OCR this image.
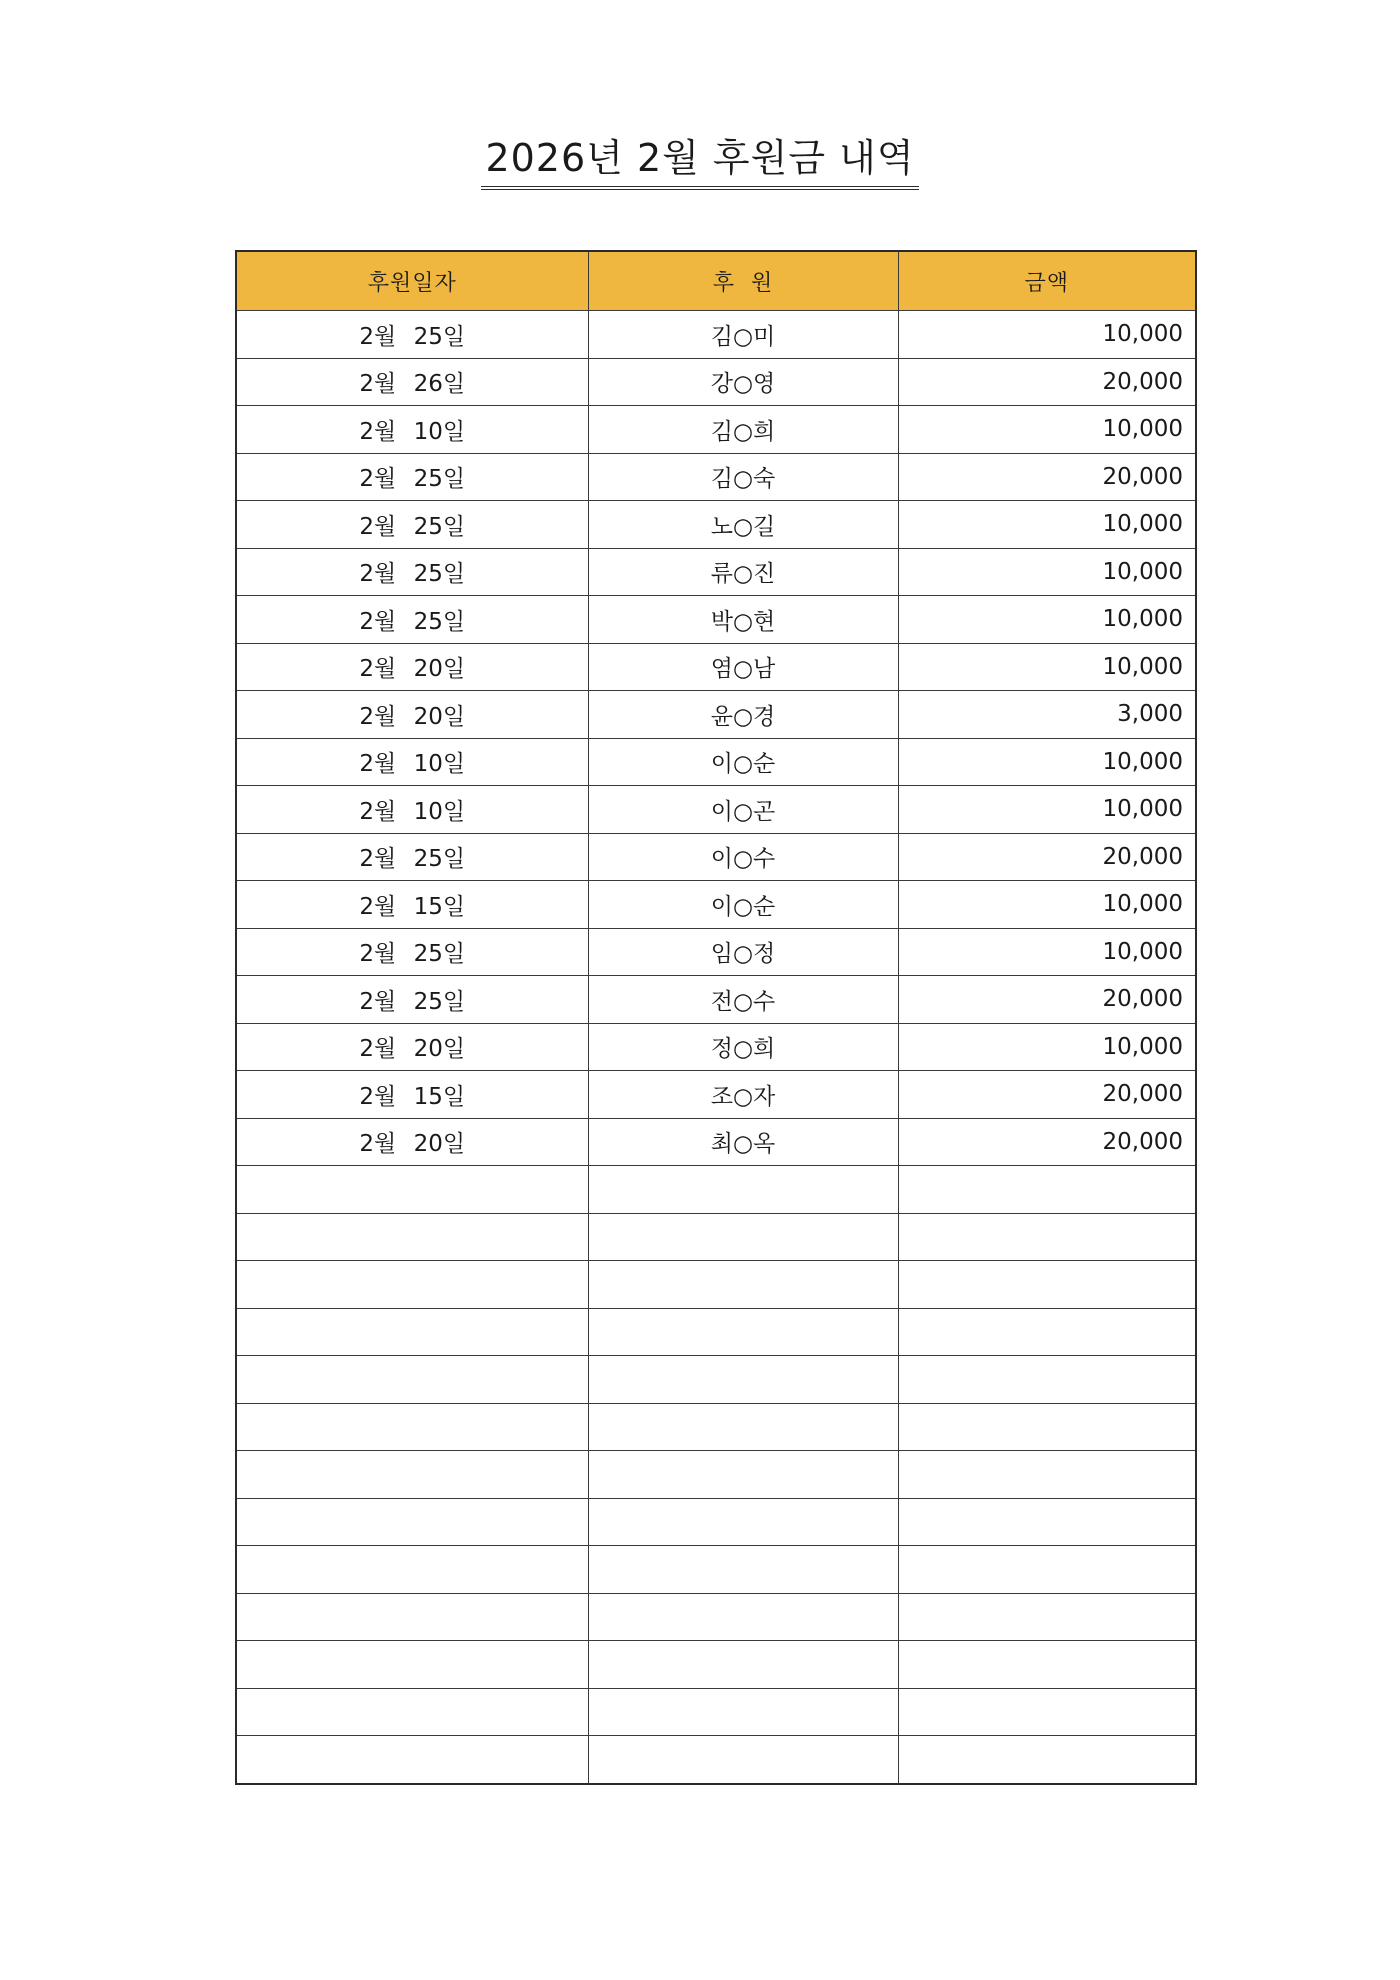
2026년 2월 후원금 내역
후원일자	후  원	금액
2월 25일	김○미	10,000
2월 26일	강○영	20,000
2월 10일	김○희	10,000
2월 25일	김○숙	20,000
2월 25일	노○길	10,000
2월 25일	류○진	10,000
2월 25일	박○현	10,000
2월 20일	염○남	10,000
2월 20일	윤○경	3,000
2월 10일	이○순	10,000
2월 10일	이○곤	10,000
2월 25일	이○수	20,000
2월 15일	이○순	10,000
2월 25일	임○정	10,000
2월 25일	전○수	20,000
2월 20일	정○희	10,000
2월 15일	조○자	20,000
2월 20일	최○옥	20,000
